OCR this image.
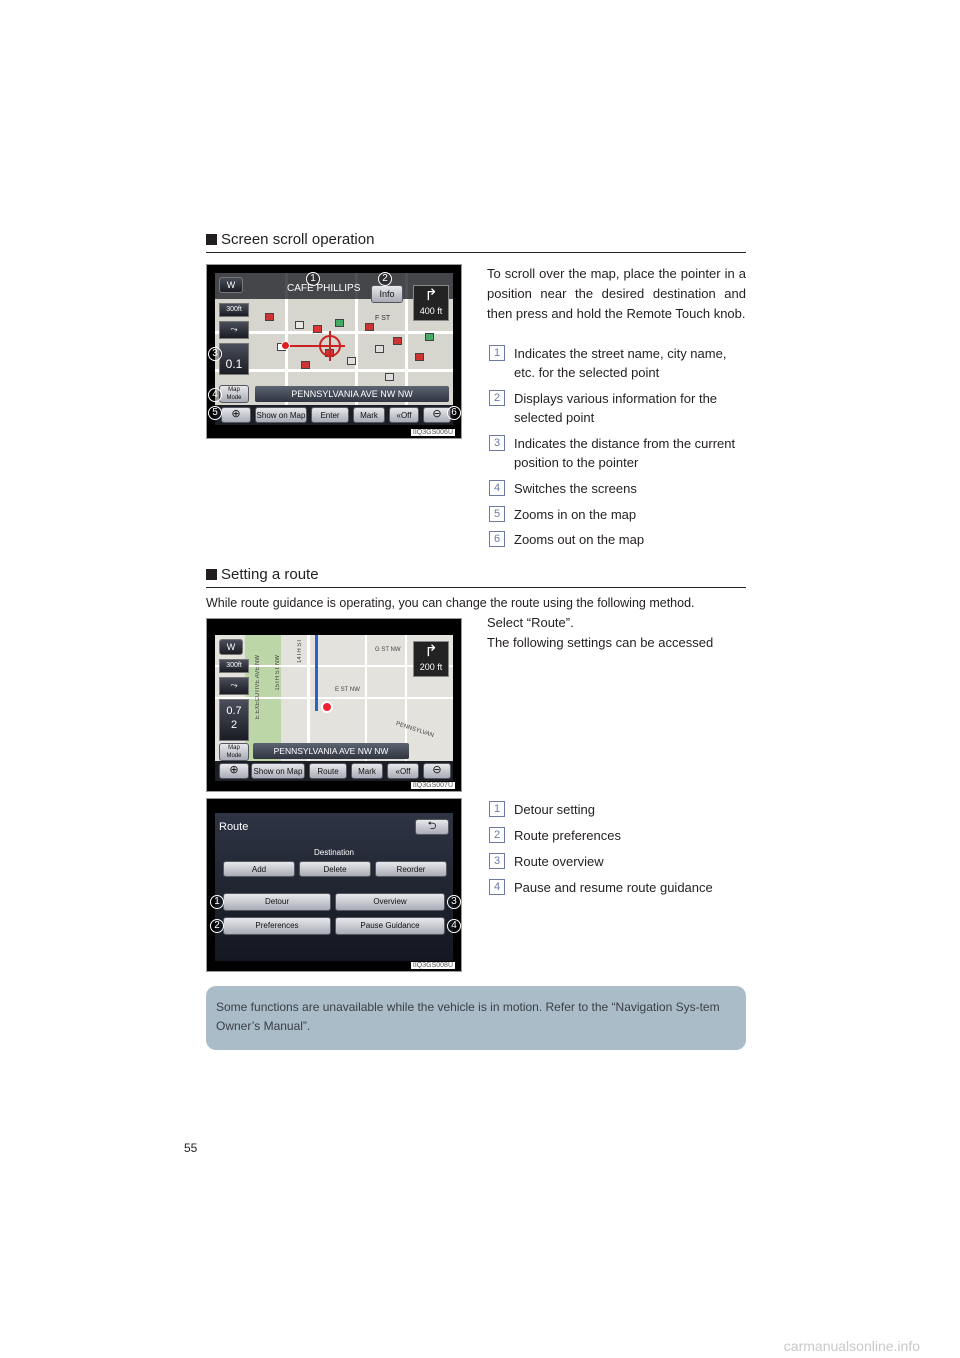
Screen scroll operation
F ST
W	CAFE PHILLIPS	Info	↱
400 ft
300ft
⤳
0.1
Map Mode	PENNSYLVANIA AVE NW NW
⊕	Show on Map	Enter	Mark	«Off	⊖
1	2
3
4
5	6
IIQ3GS006U
To scroll over the map, place the pointer in a position near the desired destination and then press and hold the Remote Touch knob.
1	Indicates the street name, city name, etc. for the selected point
2	Displays various information for the selected point
3	Indicates the distance from the current position to the pointer
4	Switches the screens
5	Zooms in on the map
6	Zooms out on the map
Setting a route
While route guidance is operating, you can change the route using the following method.
Select “Route”.
The following settings can be accessed
G ST NW
E ST NW
14TH ST
15TH ST NW
E EXECUTIVE AVE NW
PENNSYLVAN
W	↱
200 ft
300ft
⤳
0.7
2
Map Mode	PENNSYLVANIA AVE NW NW
⊕	Show on Map	Route	Mark	«Off	⊖
IIQ3GS007U
Route	⮌
Destination
Add	Delete	Reorder
Detour	Overview
Preferences	Pause Guidance
1	3
2	4
IIQ3GS008U
1	Detour setting
2	Route preferences
3	Route overview
4	Pause and resume route guidance
Some functions are unavailable while the vehicle is in motion. Refer to the “Navigation Sys-tem Owner’s Manual”.
55
carmanualsonline.info
